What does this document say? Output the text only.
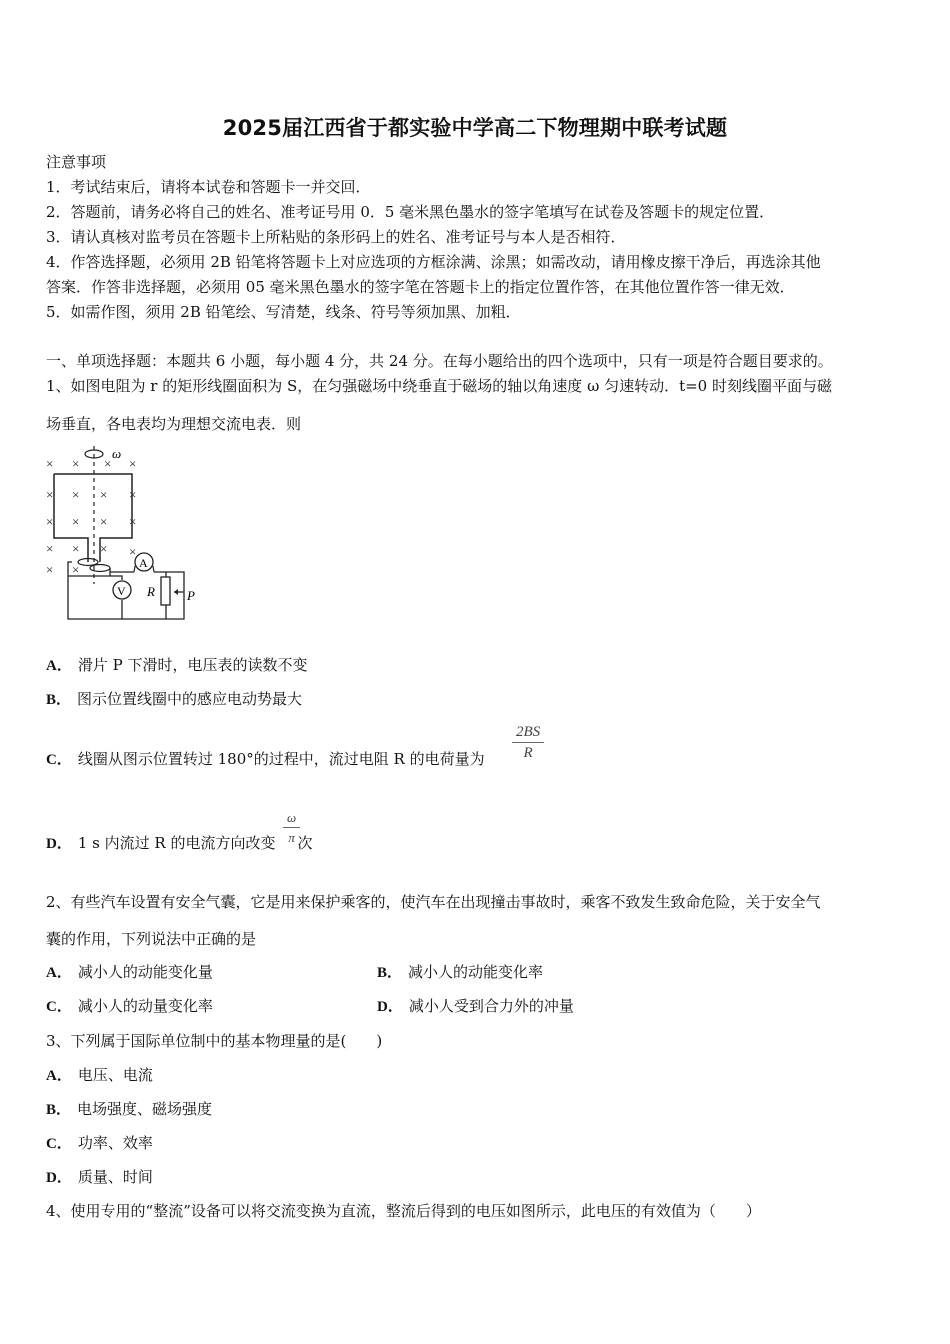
2025届江西省于都实验中学高二下物理期中联考试题
注意事项
1．考试结束后，请将本试卷和答题卡一并交回．
2．答题前，请务必将自己的姓名、准考证号用 0．5 毫米黑色墨水的签字笔填写在试卷及答题卡的规定位置．
3．请认真核对监考员在答题卡上所粘贴的条形码上的姓名、准考证号与本人是否相符．
4．作答选择题，必须用 2B 铅笔将答题卡上对应选项的方框涂满、涂黑；如需改动，请用橡皮擦干净后，再选涂其他
答案．作答非选择题，必须用 05 毫米黑色墨水的签字笔在答题卡上的指定位置作答，在其他位置作答一律无效．
5．如需作图，须用 2B 铅笔绘、写清楚，线条、符号等须加黑、加粗．
一、单项选择题：本题共 6 小题，每小题 4 分，共 24 分。在每小题给出的四个选项中，只有一项是符合题目要求的。
1、如图电阻为 r 的矩形线圈面积为 S，在匀强磁场中绕垂直于磁场的轴以角速度 ω 匀速转动．t=0 时刻线圈平面与磁
场垂直，各电表均为理想交流电表．则
× × × ×
× × ×
× × ×
× × ×
×
×
× ×
×
ω
A
V R P
A． 滑片 P 下滑时，电压表的读数不变
B． 图示位置线圈中的感应电动势最大
C． 线圈从图示位置转过 180°的过程中，流过电阻 R 的电荷量为 $\frac{2BS}{R}$
D． 1 s 内流过 R 的电流方向改变 次
$\frac{\omega}{\pi}$
2、有些汽车设置有安全气囊，它是用来保护乘客的，使汽车在出现撞击事故时，乘客不致发生致命危险，关于安全气
囊的作用，下列说法中正确的是
A． 减小人的动能变化量	B． 减小人的动能变化率
C． 减小人的动量变化率	D． 减小人受到合力外的冲量
3、下列属于国际单位制中的基本物理量的是(　　)
A． 电压、电流
B． 电场强度、磁场强度
C． 功率、效率
D． 质量、时间
4、使用专用的“整流”设备可以将交流变换为直流，整流后得到的电压如图所示，此电压的有效值为（　　）
